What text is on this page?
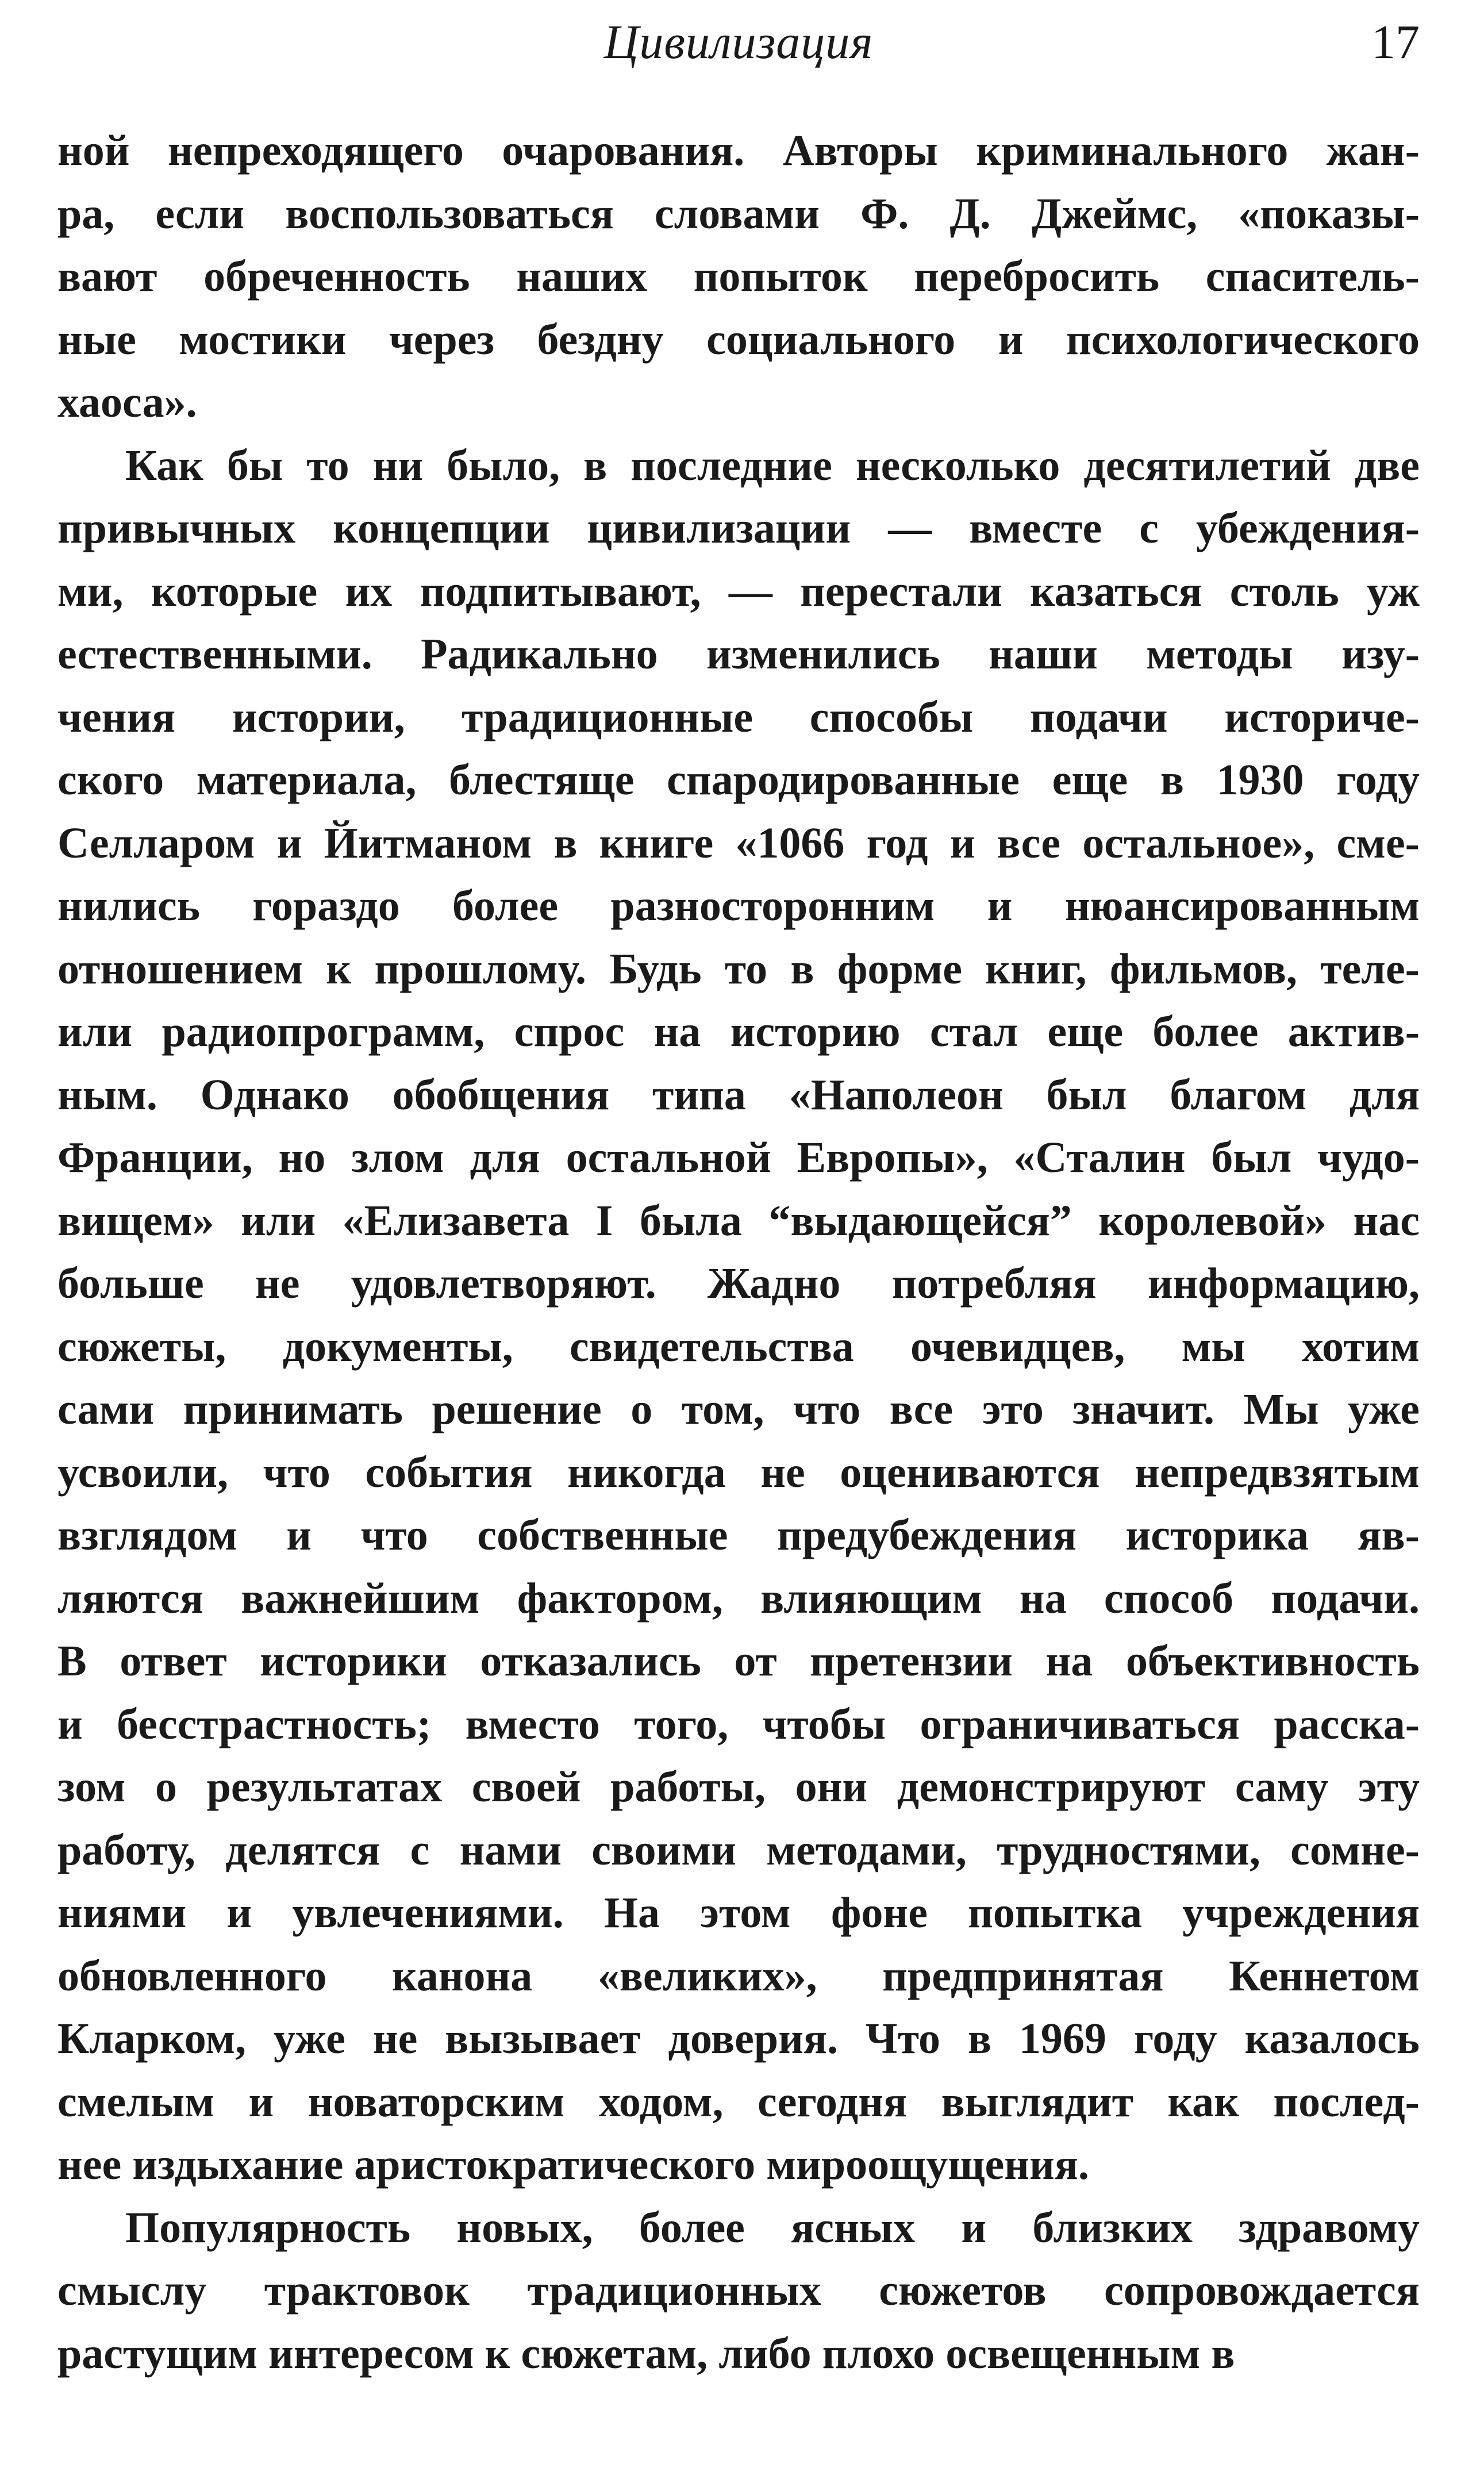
Цивилизация	17
ной непреходящего очарования. Авторы криминального жан-
ра, если воспользоваться словами Ф. Д. Джеймс, «показы-
вают обреченность наших попыток перебросить спаситель-
ные мостики через бездну социального и психологического
хаоса».
Как бы то ни было, в последние несколько десятилетий две
привычных концепции цивилизации — вместе с убеждения-
ми, которые их подпитывают, — перестали казаться столь уж
естественными. Радикально изменились наши методы изу-
чения истории, традиционные способы подачи историче-
ского материала, блестяще спародированные еще в 1930 году
Селларом и Йитманом в книге «1066 год и все остальное», сме-
нились гораздо более разносторонним и нюансированным
отношением к прошлому. Будь то в форме книг, фильмов, теле-
или радиопрограмм, спрос на историю стал еще более актив-
ным. Однако обобщения типа «Наполеон был благом для
Франции, но злом для остальной Европы», «Сталин был чудо-
вищем» или «Елизавета I была “выдающейся” королевой» нас
больше не удовлетворяют. Жадно потребляя информацию,
сюжеты, документы, свидетельства очевидцев, мы хотим
сами принимать решение о том, что все это значит. Мы уже
усвоили, что события никогда не оцениваются непредвзятым
взглядом и что собственные предубеждения историка яв-
ляются важнейшим фактором, влияющим на способ подачи.
В ответ историки отказались от претензии на объективность
и бесстрастность; вместо того, чтобы ограничиваться расска-
зом о результатах своей работы, они демонстрируют саму эту
работу, делятся с нами своими методами, трудностями, сомне-
ниями и увлечениями. На этом фоне попытка учреждения
обновленного канона «великих», предпринятая Кеннетом
Кларком, уже не вызывает доверия. Что в 1969 году казалось
смелым и новаторским ходом, сегодня выглядит как послед-
нее издыхание аристократического мироощущения.
Популярность новых, более ясных и близких здравому
смыслу трактовок традиционных сюжетов сопровождается
растущим интересом к сюжетам, либо плохо освещенным в
